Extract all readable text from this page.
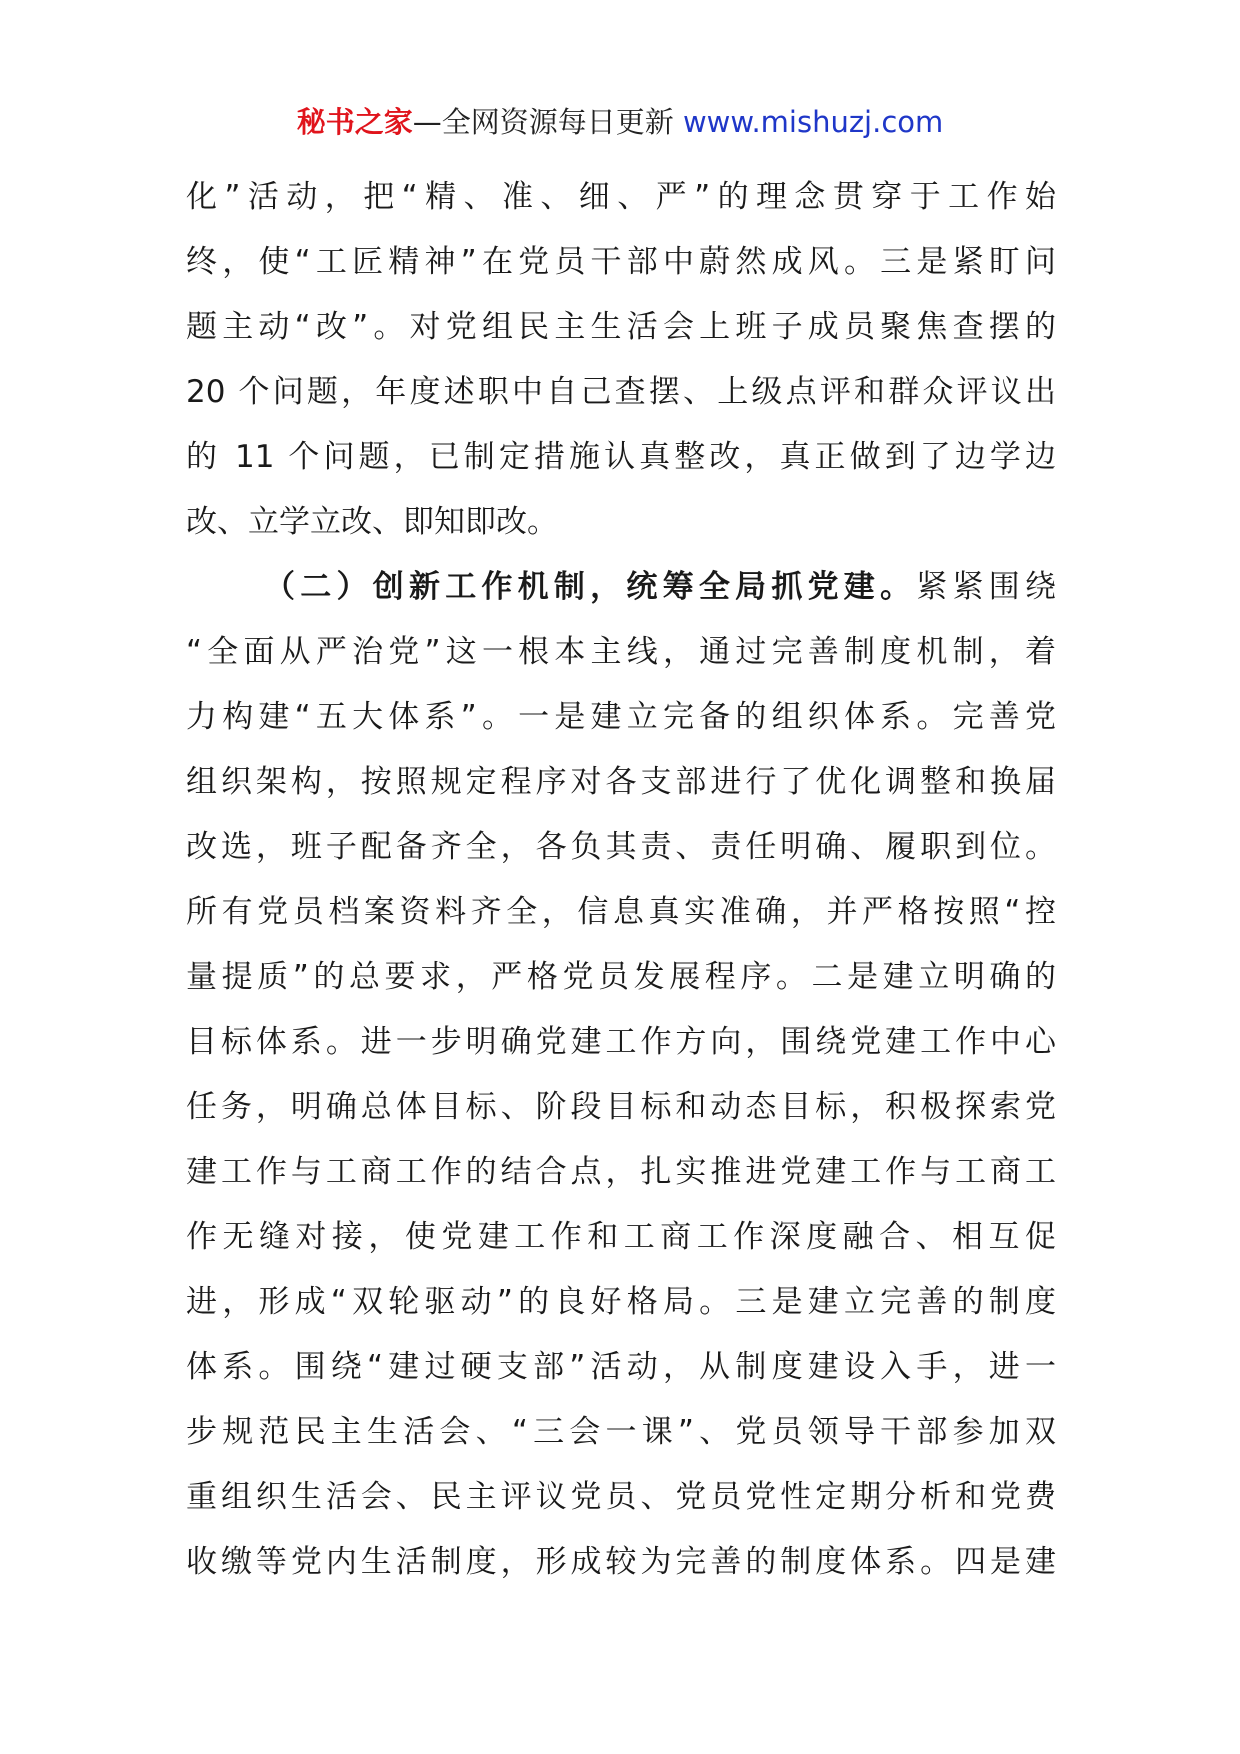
秘书之家—全网资源每日更新 www.mishuzj.com
化”活动，把“精、准、细、严”的理念贯穿于工作始
终，使“工匠精神”在党员干部中蔚然成风。三是紧盯问
题主动“改”。对党组民主生活会上班子成员聚焦查摆的
20 个问题，年度述职中自己查摆、上级点评和群众评议出
的 11 个问题，已制定措施认真整改，真正做到了边学边
改、立学立改、即知即改。
（二）创新工作机制，统筹全局抓党建。紧紧围绕
“全面从严治党”这一根本主线，通过完善制度机制，着
力构建“五大体系”。一是建立完备的组织体系。完善党
组织架构，按照规定程序对各支部进行了优化调整和换届
改选，班子配备齐全，各负其责、责任明确、履职到位。
所有党员档案资料齐全，信息真实准确，并严格按照“控
量提质”的总要求，严格党员发展程序。二是建立明确的
目标体系。进一步明确党建工作方向，围绕党建工作中心
任务，明确总体目标、阶段目标和动态目标，积极探索党
建工作与工商工作的结合点，扎实推进党建工作与工商工
作无缝对接，使党建工作和工商工作深度融合、相互促
进，形成“双轮驱动”的良好格局。三是建立完善的制度
体系。围绕“建过硬支部”活动，从制度建设入手，进一
步规范民主生活会、“三会一课”、党员领导干部参加双
重组织生活会、民主评议党员、党员党性定期分析和党费
收缴等党内生活制度，形成较为完善的制度体系。四是建
